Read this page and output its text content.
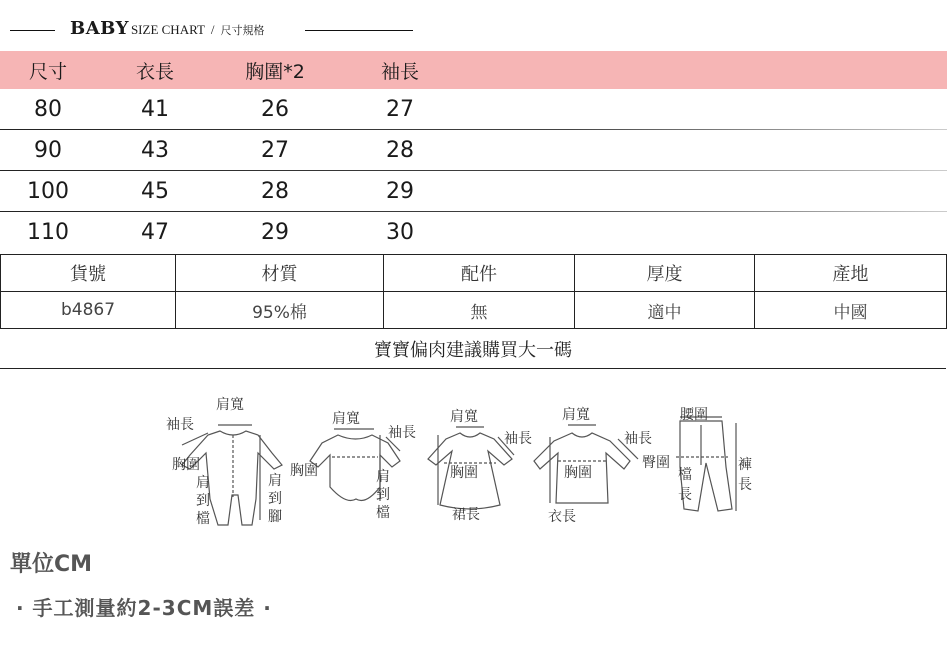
BABY SIZE CHART / 尺寸規格
尺寸	衣長	胸圍*2	袖長
80	41	26	27
90	43	27	28
100	45	28	29
110	47	29	30
貨號	材質	配件	厚度	產地
b4867	95%棉	無	適中	中國
寶寶偏肉建議購買大一碼
肩寬
袖長
胸圍
肩
到
檔
肩
到
腳
肩寬
袖長
胸圍	肩
到
檔
肩寬
袖長
胸圍
裙長
肩寬
袖長
胸圍
衣長
腰圍
臀圍
檔
長
褲
長
單位CM
· 手工測量約2-3CM誤差 ·
